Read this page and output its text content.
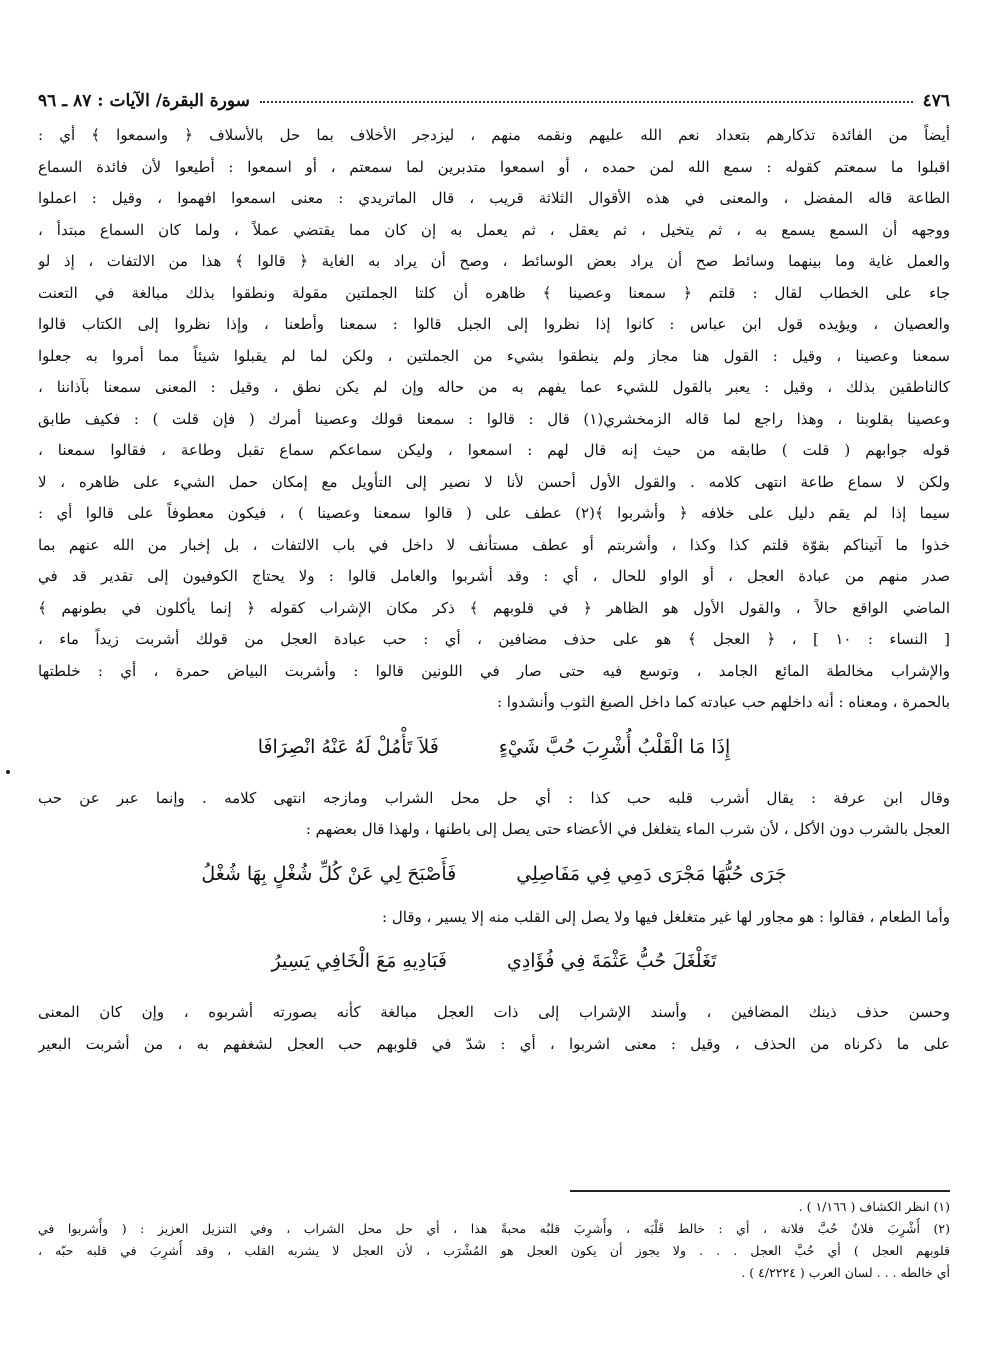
٤٧٦
سورة البقرة/ الآيات : ٨٧ ـ ٩٦
أيضاً من الفائدة تذكارهم بتعداد نعم الله عليهم ونقمه منهم ، ليزدجر الأخلاف بما حل بالأسلاف ﴿ واسمعوا ﴾ أي :
اقبلوا ما سمعتم كقوله : سمع الله لمن حمده ، أو اسمعوا متدبرين لما سمعتم ، أو اسمعوا : أطيعوا لأن فائدة السماع
الطاعة قاله المفضل ، والمعنى في هذه الأقوال الثلاثة قريب ، قال الماتريدي : معنى اسمعوا افهموا ، وقيل : اعملوا
ووجهه أن السمع يسمع به ، ثم يتخيل ، ثم يعقل ، ثم يعمل به إن كان مما يقتضي عملاً ، ولما كان السماع مبتدأ ،
والعمل غاية وما بينهما وسائط صح أن يراد بعض الوسائط ، وصح أن يراد به الغاية ﴿ قالوا ﴾ هذا من الالتفات ، إذ لو
جاء على الخطاب لقال : قلتم ﴿ سمعنا وعصينا ﴾ ظاهره أن كلتا الجملتين مقولة ونطقوا بذلك مبالغة في التعنت
والعصيان ، ويؤيده قول ابن عباس : كانوا إذا نظروا إلى الجبل قالوا : سمعنا وأطعنا ، وإذا نظروا إلى الكتاب قالوا
سمعنا وعصينا ، وقيل : القول هنا مجاز ولم ينطقوا بشيء من الجملتين ، ولكن لما لم يقبلوا شيئاً مما أمروا به جعلوا
كالناطقين بذلك ، وقيل : يعبر بالقول للشيء عما يفهم به من حاله وإن لم يكن نطق ، وقيل : المعنى سمعنا بآذاننا ،
وعصينا بقلوبنا ، وهذا راجع لما قاله الزمخشري(١) قال : قالوا : سمعنا قولك وعصينا أمرك ( فإن قلت ) : فكيف طابق
قوله جوابهم ( قلت ) طابقه من حيث إنه قال لهم : اسمعوا ، وليكن سماعكم سماع تقبل وطاعة ، فقالوا سمعنا ،
ولكن لا سماع طاعة انتهى كلامه . والقول الأول أحسن لأنا لا نصير إلى التأويل مع إمكان حمل الشيء على ظاهره ، لا
سيما إذا لم يقم دليل على خلافه ﴿ وأشربوا ﴾(٢) عطف على ( قالوا سمعنا وعصينا ) ، فيكون معطوفاً على قالوا أي :
خذوا ما آتيناكم بقوّة قلتم كذا وكذا ، وأشربتم أو عطف مستأنف لا داخل في باب الالتفات ، بل إخبار من الله عنهم بما
صدر منهم من عبادة العجل ، أو الواو للحال ، أي : وقد أشربوا والعامل قالوا : ولا يحتاج الكوفيون إلى تقدير قد في
الماضي الواقع حالاً ، والقول الأول هو الظاهر ﴿ في قلوبهم ﴾ ذكر مكان الإشراب كقوله ﴿ إنما يأكلون في بطونهم ﴾
[ النساء : ١٠ ] ، ﴿ العجل ﴾ هو على حذف مضافين ، أي : حب عبادة العجل من قولك أشربت زيداً ماء ،
والإشراب مخالطة المائع الجامد ، وتوسع فيه حتى صار في اللونين قالوا : وأشربت البياض حمرة ، أي : خلطتها
بالحمرة ، ومعناه : أنه داخلهم حب عبادته كما داخل الصبغ الثوب وأنشدوا :
إِذَا مَا الْقَلْبُ أُشْرِبَ حُبَّ شَيْءٍ
فَلاَ تَأْمُلْ لَهُ عَنْهُ انْصِرَافَا
وقال ابن عرفة : يقال أشرب قلبه حب كذا : أي حل محل الشراب ومازجه انتهى كلامه . وإنما عبر عن حب
العجل بالشرب دون الأكل ، لأن شرب الماء يتغلغل في الأعضاء حتى يصل إلى باطنها ، ولهذا قال بعضهم :
جَرَى حُبُّهَا مَجْرَى دَمِي فِي مَفَاصِلِي
فَأَصْبَحَ لِي عَنْ كُلِّ شُغْلٍ بِهَا شُغْلُ
وأما الطعام ، فقالوا : هو مجاور لها غير متغلغل فيها ولا يصل إلى القلب منه إلا يسير ، وقال :
تَغَلْغَلَ حُبُّ عَثْمَةَ فِي فُؤَادِي
فَبَادِيهِ مَعَ الْخَافِي يَسِيرُ
وحسن حذف ذينك المضافين ، وأسند الإشراب إلى ذات العجل مبالغة كأنه بصورته أشربوه ، وإن كان المعنى
على ما ذكرناه من الحذف ، وقيل : معنى اشربوا ، أي : شدّ في قلوبهم حب العجل لشغفهم به ، من أشربت البعير
(١) انظر الكشاف ( ١/١٦٦ ) .
(٢) أُشْرِبَ فلانٌ حُبَّ فلانة ، أي : خالط قَلْبَه ، وأُشرِبَ قلبُه محبةً هذا ، أي حل محل الشراب ، وفي التنزيل العزيز : ( وأُشربوا في
قلوبهم العجل ) أي حُبَّ العجل . . . ولا يجوز أن يكون العجل هو المُشْرَب ، لأن العجل لا يشربه القلب ، وقد أُشرِبَ في قلبه حبّه ،
أي خالطه . . . لسان العرب ( ٤/٢٢٢٤ ) .
